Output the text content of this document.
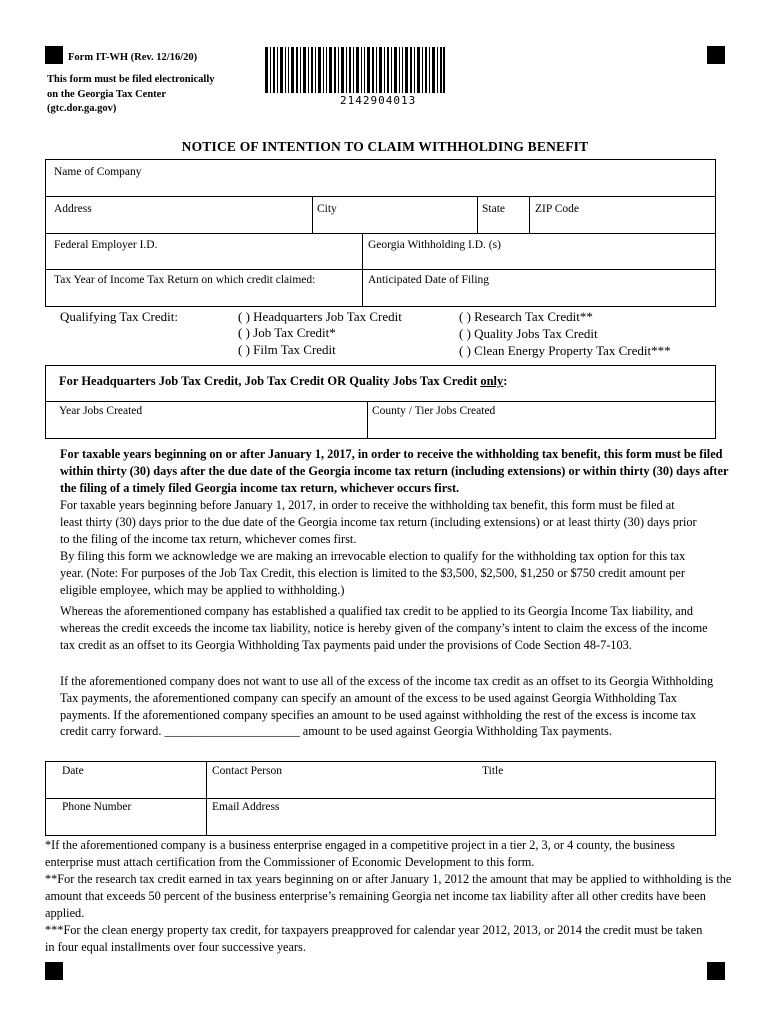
Form IT-WH (Rev. 12/16/20)
This form must be filed electronically
on the Georgia Tax Center
(gtc.dor.ga.gov)
2142904013
NOTICE OF INTENTION TO CLAIM WITHHOLDING BENEFIT
Name of Company
Address	City	State	ZIP Code
Federal Employer I.D.	Georgia Withholding I.D. (s)
Tax Year of Income Tax Return on which credit claimed:	Anticipated Date of Filing
Qualifying Tax Credit:	( ) Headquarters Job Tax Credit
( ) Job Tax Credit*
( ) Film Tax Credit
( ) Research Tax Credit**
( ) Quality Jobs Tax Credit
( ) Clean Energy Property Tax Credit***
For Headquarters Job Tax Credit, Job Tax Credit OR Quality Jobs Tax Credit only:
Year Jobs Created	County / Tier Jobs Created
For taxable years beginning on or after January 1, 2017, in order to receive the withholding tax benefit, this form must be filed within thirty (30) days after the due date of the Georgia income tax return (including extensions) or within thirty (30) days after the filing of a timely filed Georgia income tax return, whichever occurs first.
For taxable years beginning before January 1, 2017, in order to receive the withholding tax benefit, this form must be filed at least thirty (30) days prior to the due date of the Georgia income tax return (including extensions) or at least thirty (30) days prior to the filing of the income tax return, whichever comes first.
By filing this form we acknowledge we are making an irrevocable election to qualify for the withholding tax option for this tax year. (Note: For purposes of the Job Tax Credit, this election is limited to the $3,500, $2,500, $1,250 or $750 credit amount per eligible employee, which may be applied to withholding.)
Whereas the aforementioned company has established a qualified tax credit to be applied to its Georgia Income Tax liability, and whereas the credit exceeds the income tax liability, notice is hereby given of the company’s intent to claim the excess of the income tax credit as an offset to its Georgia Withholding Tax payments paid under the provisions of Code Section 48-7-103.
If the aforementioned company does not want to use all of the excess of the income tax credit as an offset to its Georgia Withholding Tax payments, the aforementioned company can specify an amount of the excess to be used against Georgia Withholding Tax payments. If the aforementioned company specifies an amount to be used against withholding the rest of the excess is income tax credit carry forward. ______________________ amount to be used against Georgia Withholding Tax payments.
Date	Contact Person	Title
Phone Number	Email Address
*If the aforementioned company is a business enterprise engaged in a competitive project in a tier 2, 3, or 4 county, the business enterprise must attach certification from the Commissioner of Economic Development to this form.
**For the research tax credit earned in tax years beginning on or after January 1, 2012 the amount that may be applied to withholding is the amount that exceeds 50 percent of the business enterprise’s remaining Georgia net income tax liability after all other credits have been applied.
***For the clean energy property tax credit, for taxpayers preapproved for calendar year 2012, 2013, or 2014 the credit must be taken in four equal installments over four successive years.
